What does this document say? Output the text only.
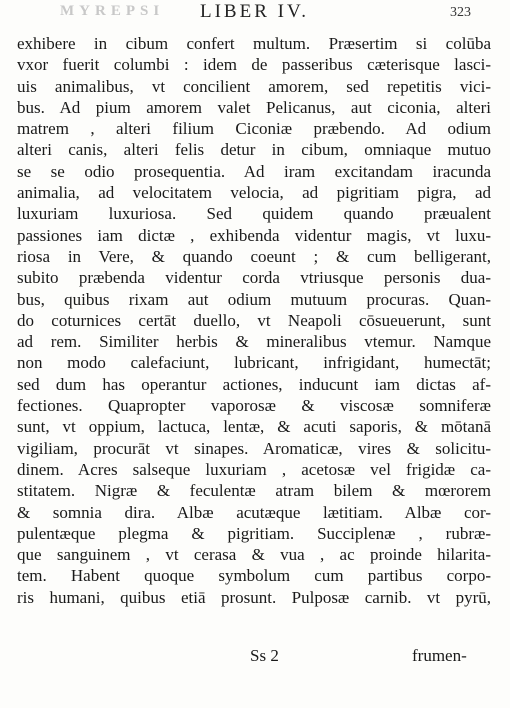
MYREPSI LIBER IV.	323
exhibere in cibum confert multum. Præsertim si colūba
vxor fuerit columbi : idem de passeribus cæterisque lasci-
uis animalibus, vt concilient amorem, sed repetitis vici-
bus. Ad pium amorem valet Pelicanus, aut ciconia, alteri
matrem , alteri filium Ciconiæ præbendo. Ad odium
alteri canis, alteri felis detur in cibum, omniaque mutuo
se se odio prosequentia. Ad iram excitandam iracunda
animalia, ad velocitatem velocia, ad pigritiam pigra, ad
luxuriam luxuriosa. Sed quidem quando præualent
passiones iam dictæ , exhibenda videntur magis, vt luxu-
riosa in Vere, & quando coeunt ; & cum belligerant,
subito præbenda videntur corda vtriusque personis dua-
bus, quibus rixam aut odium mutuum procuras. Quan-
do coturnices certāt duello, vt Neapoli cōsueuerunt, sunt
ad rem. Similiter herbis & mineralibus vtemur. Namque
non modo calefaciunt, lubricant, infrigidant, humectāt;
sed dum has operantur actiones, inducunt iam dictas af-
fectiones. Quapropter vaporosæ & viscosæ somniferæ
sunt, vt oppium, lactuca, lentæ, & acuti saporis, & mōtanā
vigiliam, procurāt vt sinapes. Aromaticæ, vires & solicitu-
dinem. Acres salseque luxuriam , acetosæ vel frigidæ ca-
stitatem. Nigræ & feculentæ atram bilem & mœrorem
& somnia dira. Albæ acutæque lætitiam. Albæ cor-
pulentæque plegma & pigritiam. Succiplenæ , rubræ-
que sanguinem , vt cerasa & vua , ac proinde hilarita-
tem. Habent quoque symbolum cum partibus corpo-
ris humani, quibus etiā prosunt. Pulposæ carnib. vt pyrū,
Ss 2	frumen-
